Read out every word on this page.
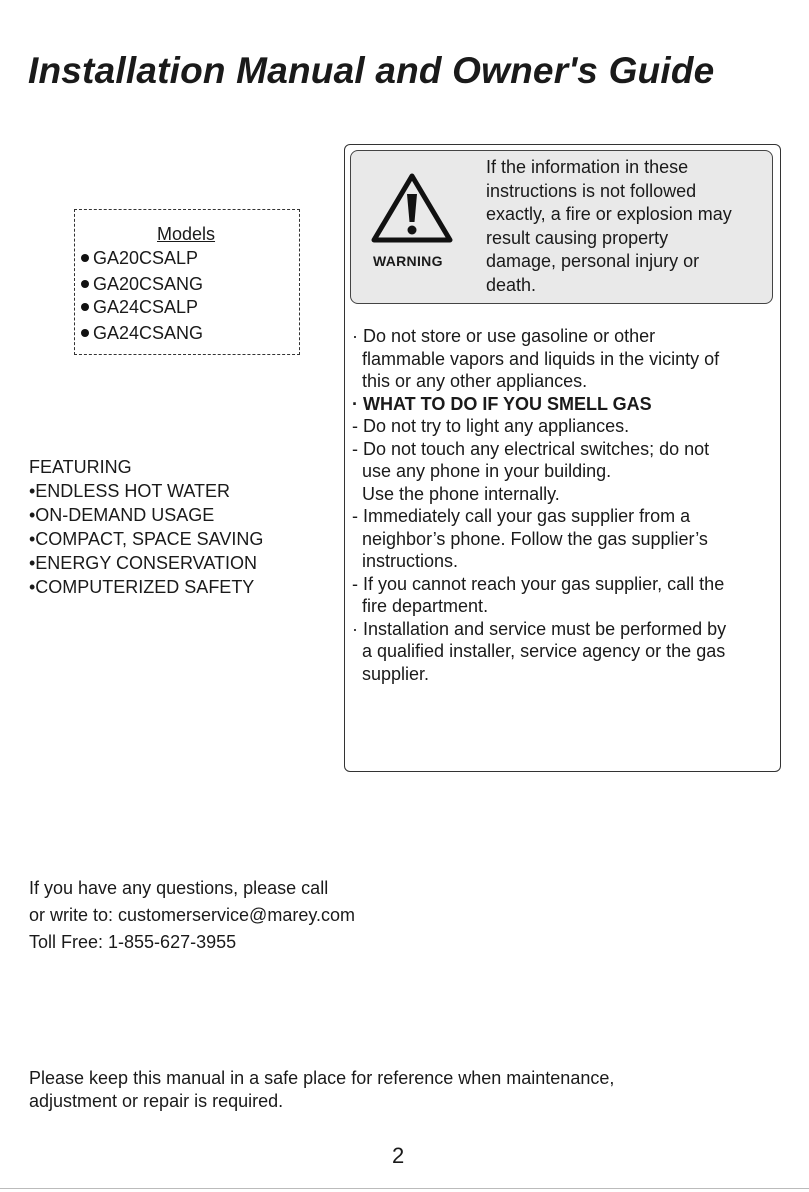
Installation Manual and Owner's Guide
Models
GA20CSALP
GA20CSANG
GA24CSALP
GA24CSANG
FEATURING
•ENDLESS HOT WATER
•ON-DEMAND USAGE
•COMPACT, SPACE SAVING
•ENERGY CONSERVATION
•COMPUTERIZED SAFETY
WARNING
If the information in these
instructions is not followed
exactly, a fire or explosion may
result causing property
damage, personal injury or
death.
· Do not store or use gasoline or other
flammable vapors and liquids in the vicinty of
this or any other appliances.
· WHAT TO DO IF YOU SMELL GAS
- Do not try to light any appliances.
- Do not touch any electrical switches; do not
use any phone in your building.
Use the phone internally.
- Immediately call your gas supplier from a
neighbor’s phone. Follow the gas supplier’s
instructions.
- If you cannot reach your gas supplier, call the
fire department.
· Installation and service must be performed by
a qualified installer, service agency or the gas
supplier.
If you have any questions, please call
or write to: customerservice@marey.com
Toll Free: 1-855-627-3955
Please keep this manual in a safe place for reference when maintenance,
adjustment or repair is required.
2
